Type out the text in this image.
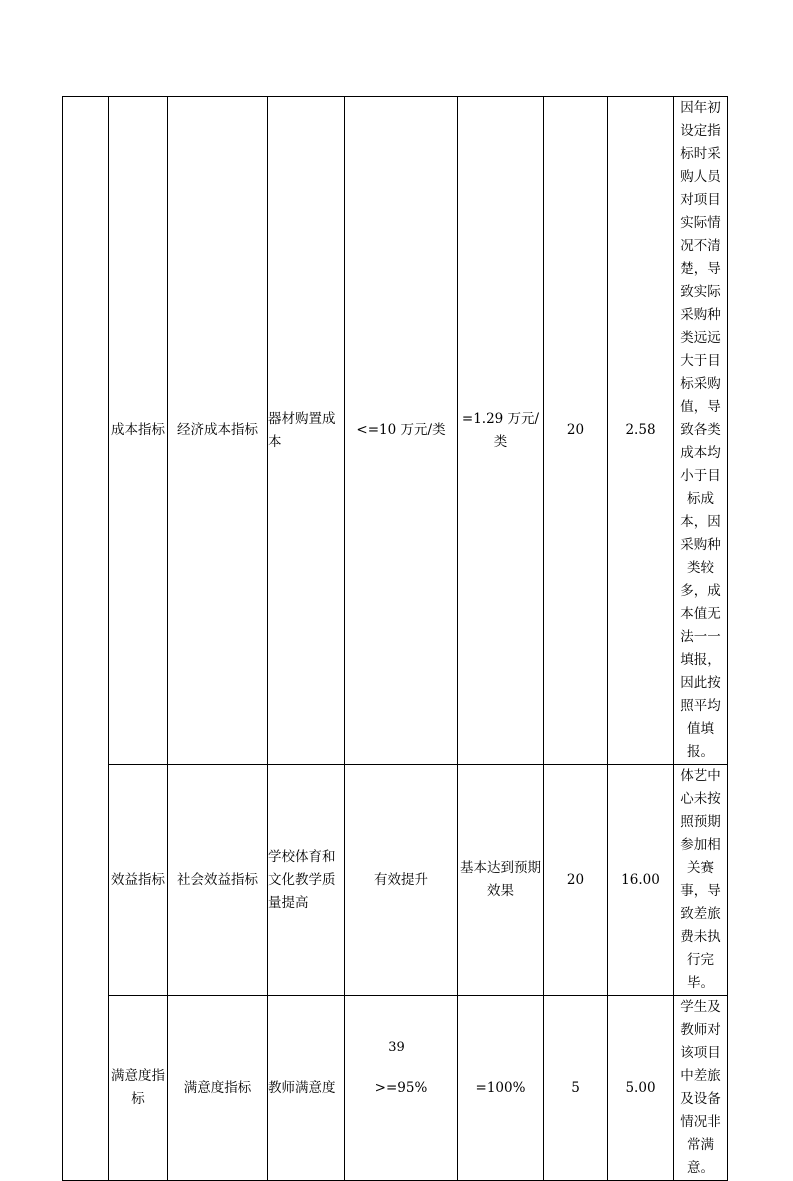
	成本指标	经济成本指标	器材购置成本	<=10 万元/类	=1.29 万元/类	20	2.58	因年初设定指标时采购人员对项目实际情况不清楚，导致实际采购种类远远大于目标采购值，导致各类成本均小于目标成本，因采购种类较多，成本值无法一一填报，因此按照平均值填报。
	效益指标	社会效益指标	学校体育和文化教学质量提高	有效提升	基本达到预期效果	20	16.00	体艺中心未按照预期参加相关赛事，导致差旅费未执行完毕。
	满意度指标	满意度指标	教师满意度	>=95%	=100%	5	5.00	学生及教师对该项目中差旅及设备情况非常满意。
39
